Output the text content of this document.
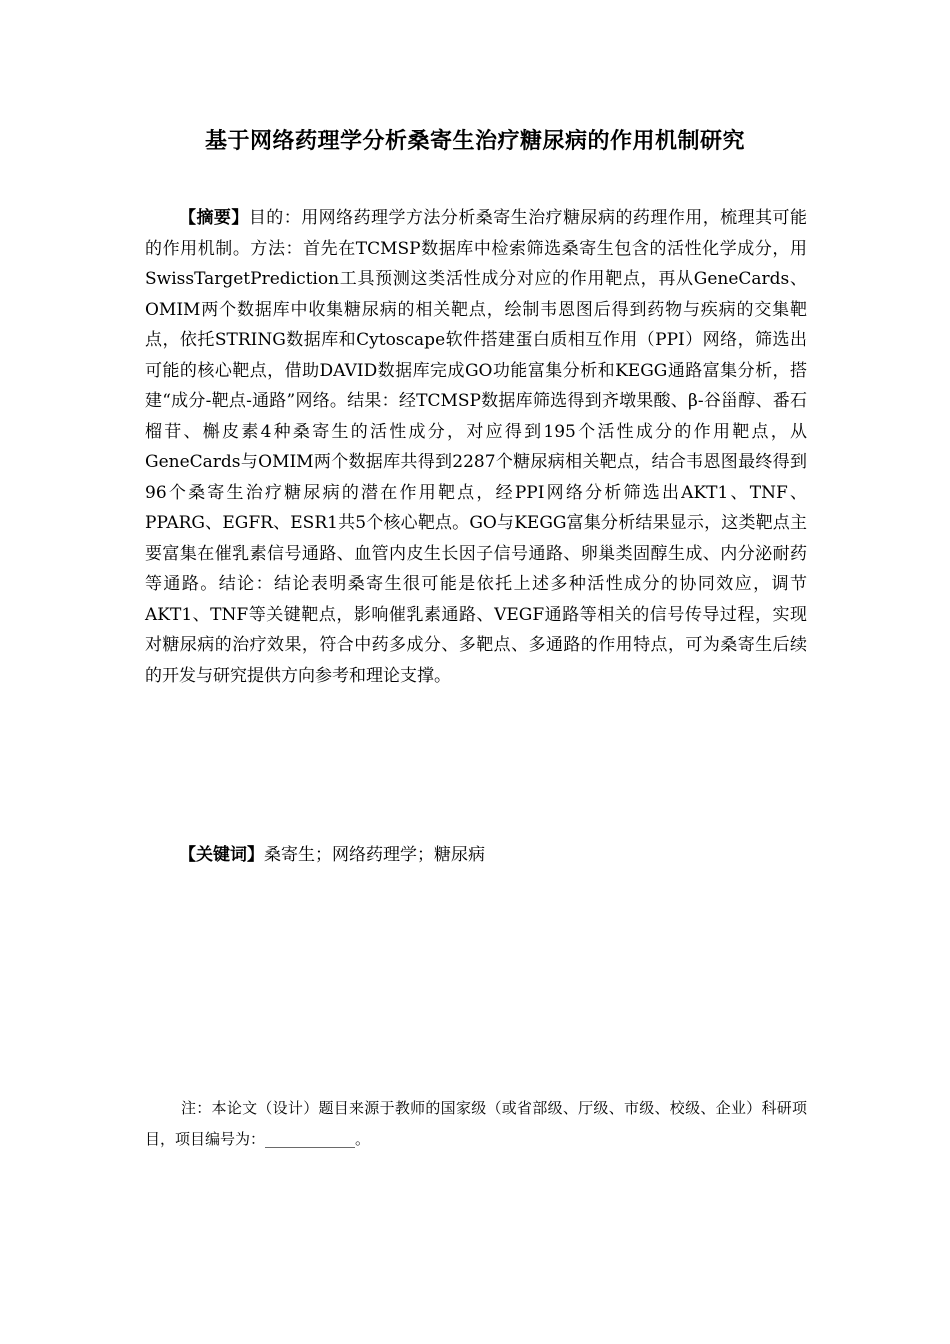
基于网络药理学分析桑寄生治疗糖尿病的作用机制研究

【摘要】目的：用网络药理学方法分析桑寄生治疗糖尿病的药理作用，梳理其可能的作用机制。方法：首先在TCMSP数据库中检索筛选桑寄生包含的活性化学成分，用SwissTargetPrediction工具预测这类活性成分对应的作用靶点，再从GeneCards、OMIM两个数据库中收集糖尿病的相关靶点，绘制韦恩图后得到药物与疾病的交集靶点，依托STRING数据库和Cytoscape软件搭建蛋白质相互作用（PPI）网络，筛选出可能的核心靶点，借助DAVID数据库完成GO功能富集分析和KEGG通路富集分析，搭建“成分-靶点-通路”网络。结果：经TCMSP数据库筛选得到齐墩果酸、β-谷甾醇、番石榴苷、槲皮素4种桑寄生的活性成分，对应得到195个活性成分的作用靶点，从GeneCards与OMIM两个数据库共得到2287个糖尿病相关靶点，结合韦恩图最终得到96个桑寄生治疗糖尿病的潜在作用靶点，经PPI网络分析筛选出AKT1、TNF、PPARG、EGFR、ESR1共5个核心靶点。GO与KEGG富集分析结果显示，这类靶点主要富集在催乳素信号通路、血管内皮生长因子信号通路、卵巢类固醇生成、内分泌耐药等通路。结论：结论表明桑寄生很可能是依托上述多种活性成分的协同效应，调节AKT1、TNF等关键靶点，影响催乳素通路、VEGF通路等相关的信号传导过程，实现对糖尿病的治疗效果，符合中药多成分、多靶点、多通路的作用特点，可为桑寄生后续的开发与研究提供方向参考和理论支撑。

【关键词】桑寄生；网络药理学；糖尿病

注：本论文（设计）题目来源于教师的国家级（或省部级、厅级、市级、校级、企业）科研项目，项目编号为：____________。
